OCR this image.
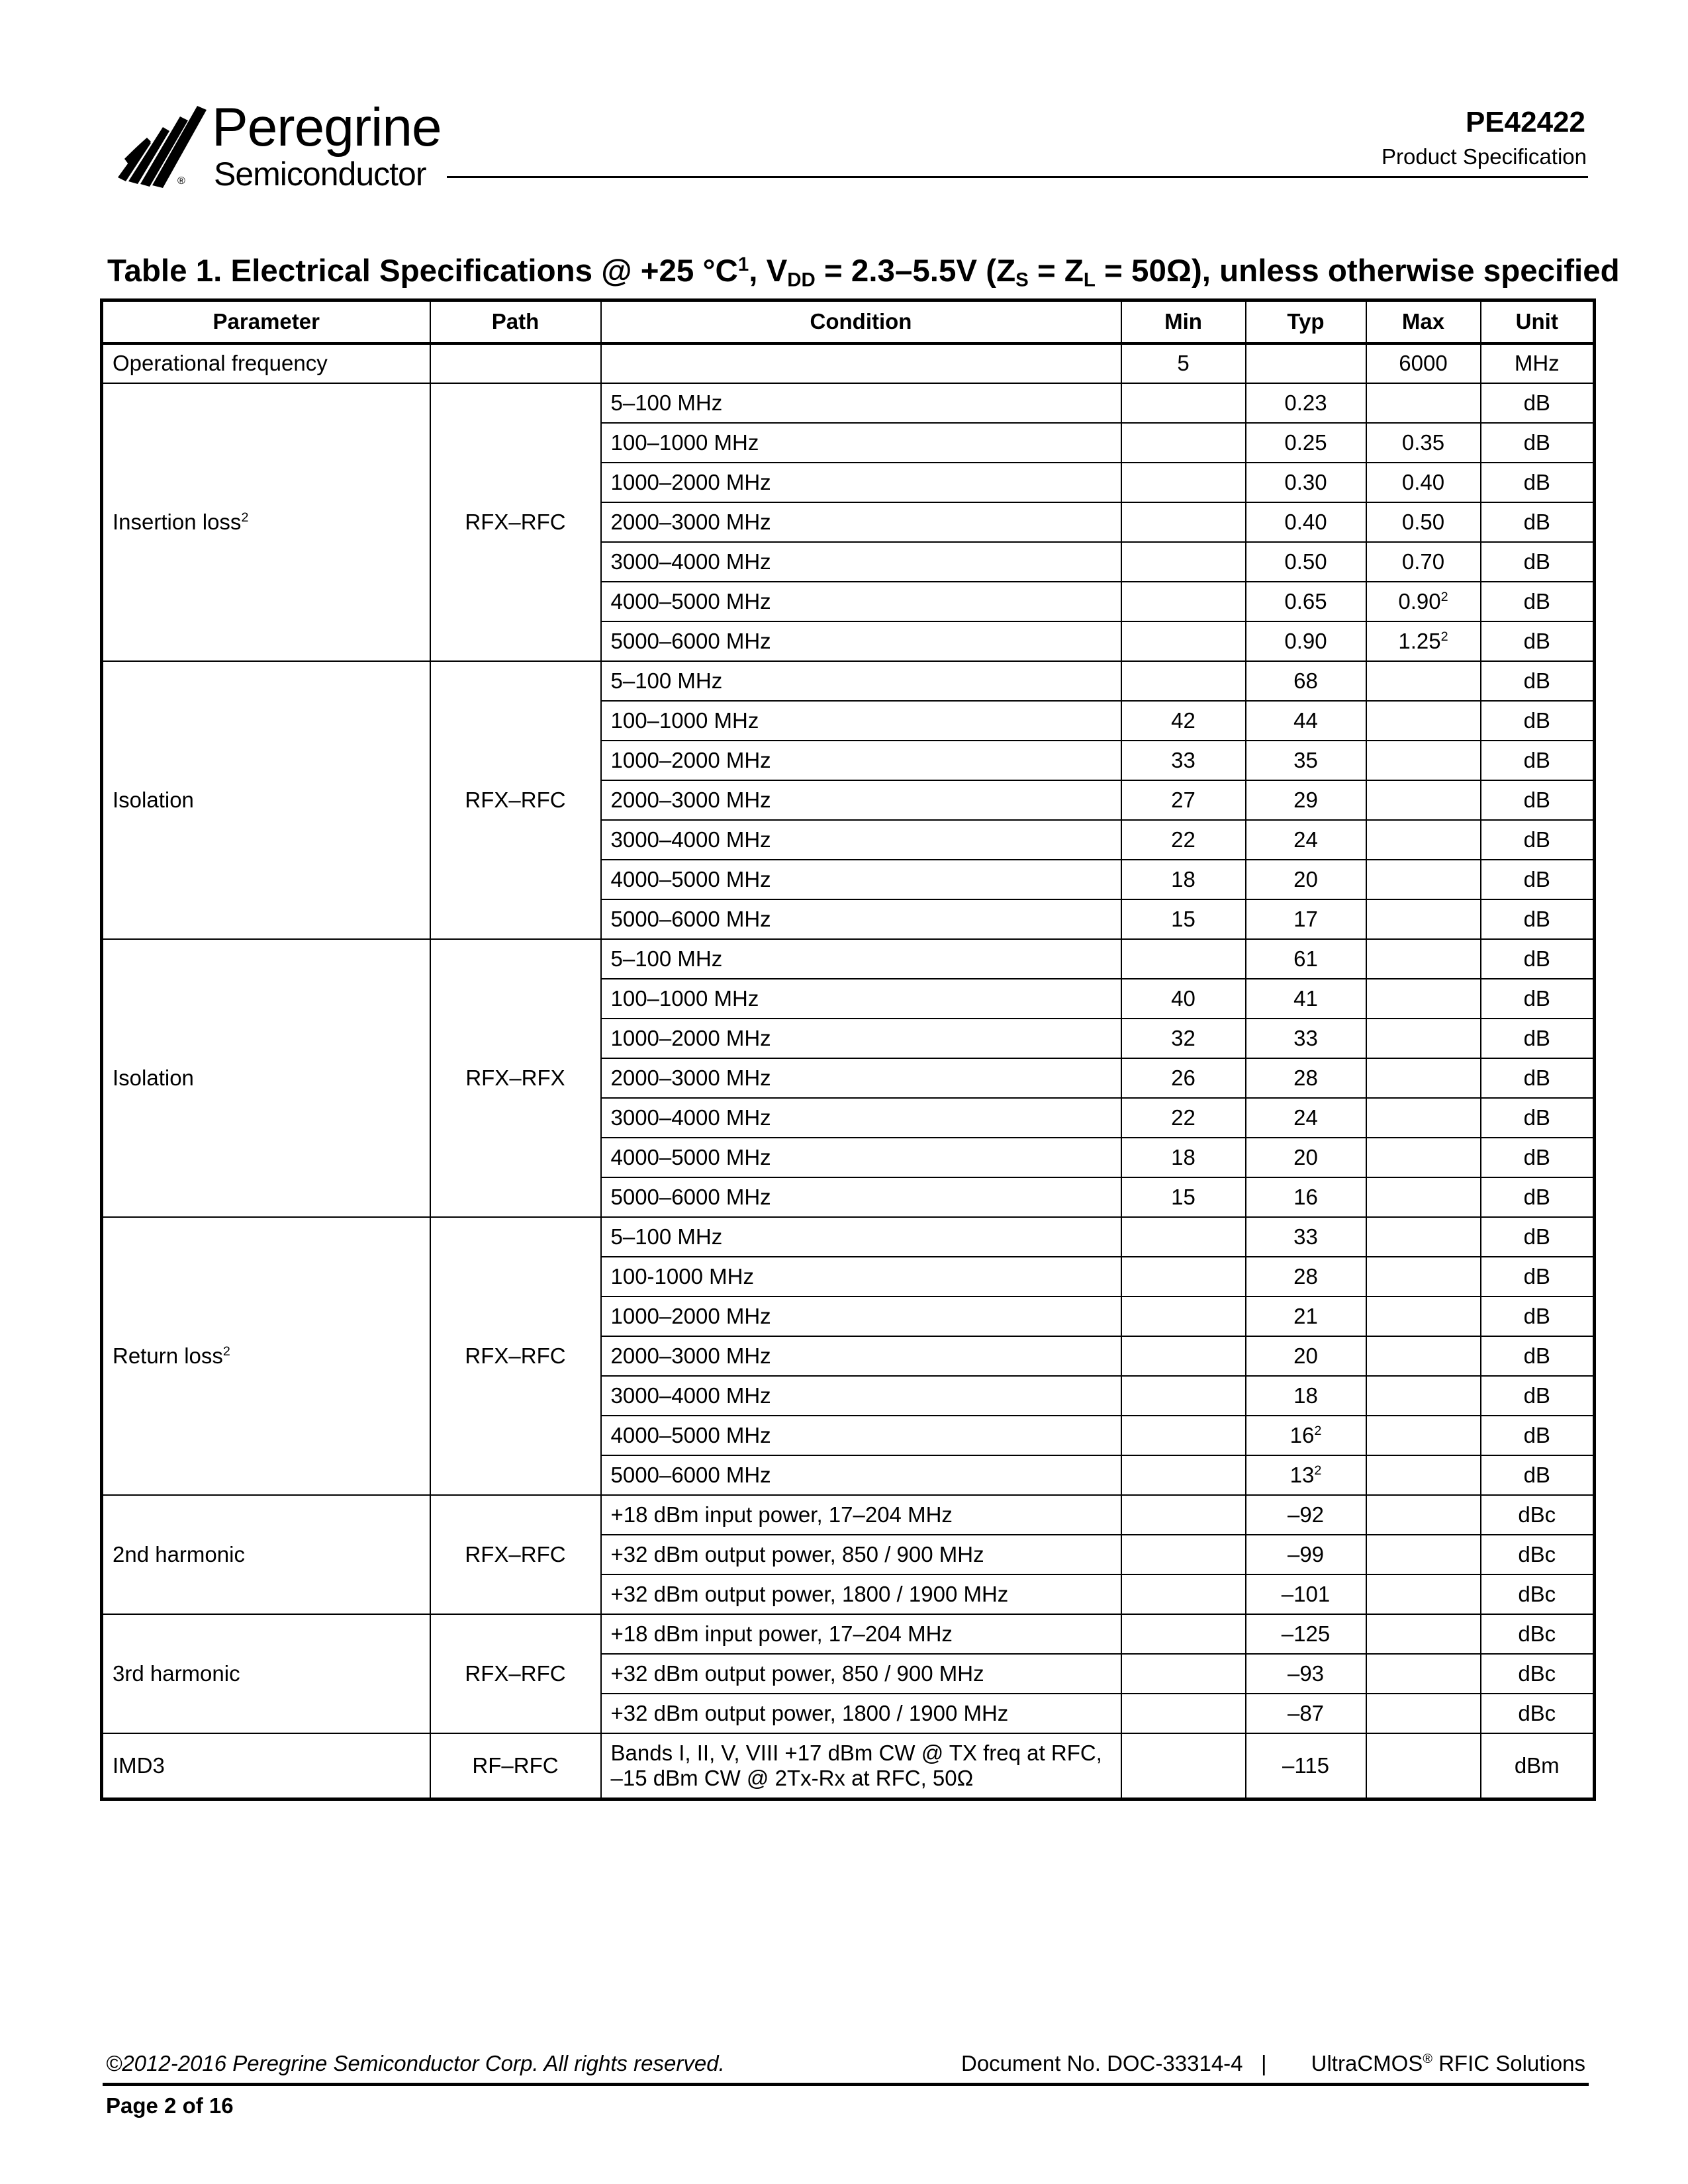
®
Peregrine
Semiconductor
PE42422
Product Specification
Table 1. Electrical Specifications @ +25 $^\circ C^1$, $V_{DD} = 2.3-5.5V$ $(Z_S = Z_L = 50\Omega)$, unless otherwise specified
Parameter	Path	Condition	Min	Typ	Max	Unit
Operational frequency			5		6000	MHz
Insertion loss$^2$	RFX–RFC	5–100 MHz		0.23		dB
		100–1000 MHz		0.25	0.35	dB
		1000–2000 MHz		0.30	0.40	dB
		2000–3000 MHz		0.40	0.50	dB
		3000–4000 MHz		0.50	0.70	dB
		4000–5000 MHz		0.65	0.90$^2$	dB
		5000–6000 MHz		0.90	1.25$^2$	dB
Isolation	RFX–RFC	5–100 MHz		68		dB
		100–1000 MHz	42	44		dB
		1000–2000 MHz	33	35		dB
		2000–3000 MHz	27	29		dB
		3000–4000 MHz	22	24		dB
		4000–5000 MHz	18	20		dB
		5000–6000 MHz	15	17		dB
Isolation	RFX–RFX	5–100 MHz		61		dB
		100–1000 MHz	40	41		dB
		1000–2000 MHz	32	33		dB
		2000–3000 MHz	26	28		dB
		3000–4000 MHz	22	24		dB
		4000–5000 MHz	18	20		dB
		5000–6000 MHz	15	16		dB
Return loss$^2$	RFX–RFC	5–100 MHz		33		dB
		100-1000 MHz		28		dB
		1000–2000 MHz		21		dB
		2000–3000 MHz		20		dB
		3000–4000 MHz		18		dB
		4000–5000 MHz		16$^2$		dB
		5000–6000 MHz		13$^2$		dB
2nd harmonic	RFX–RFC	+18 dBm input power, 17–204 MHz		–92		dBc
		+32 dBm output power, 850 / 900 MHz		–99		dBc
		+32 dBm output power, 1800 / 1900 MHz		–101		dBc
3rd harmonic	RFX–RFC	+18 dBm input power, 17–204 MHz		–125		dBc
		+32 dBm output power, 850 / 900 MHz		–93		dBc
		+32 dBm output power, 1800 / 1900 MHz		–87		dBc
IMD3	RF–RFC	Bands I, II, V, VIII +17 dBm CW @ TX freq at RFC, –15 dBm CW @ 2Tx-Rx at RFC, 50Ω		–115		dBm
©2012-2016 Peregrine Semiconductor Corp. All rights reserved.	Document No. DOC-33314-4 | UltraCMOS® RFIC Solutions
Page 2 of 16
